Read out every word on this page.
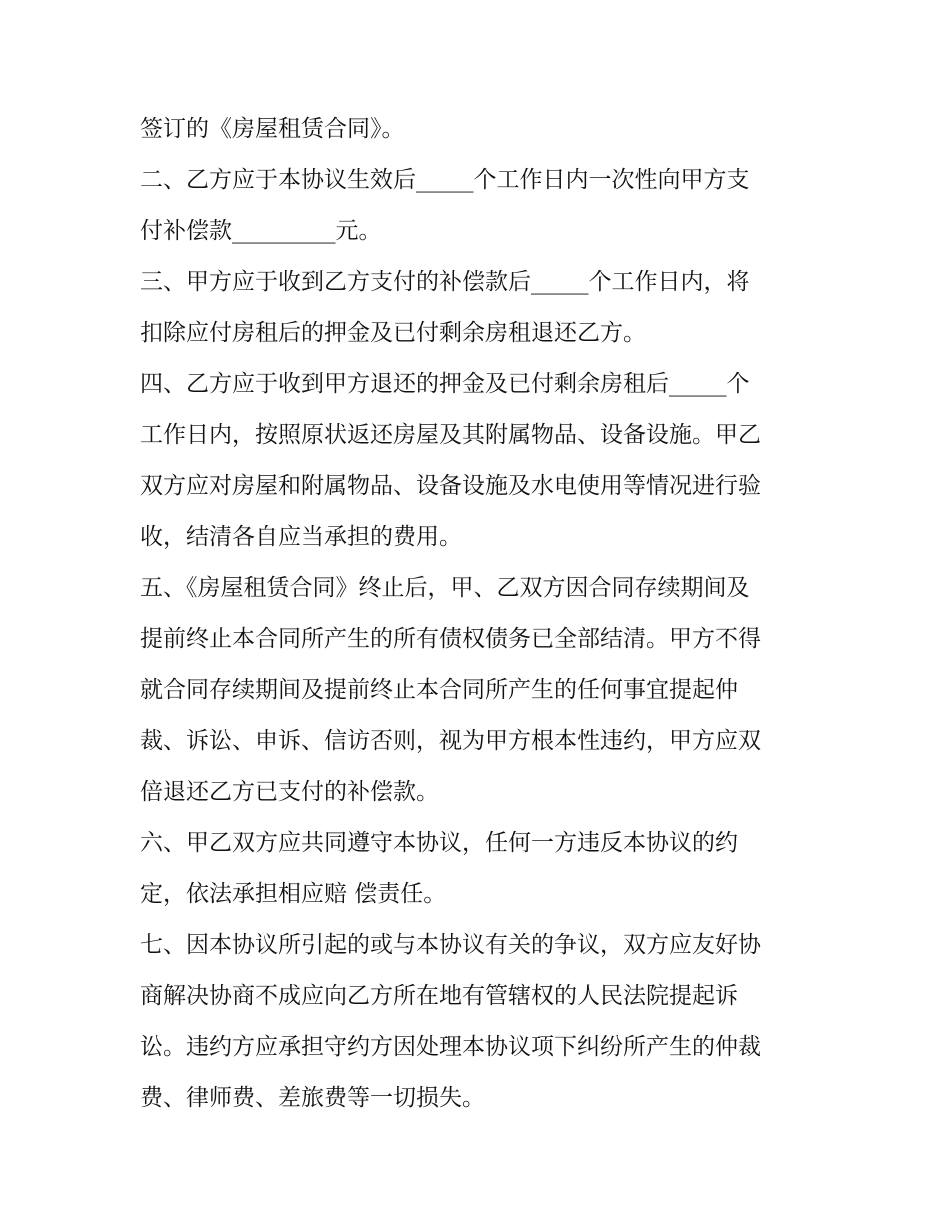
签订的《房屋租赁合同》。
二、乙方应于本协议生效后_____个工作日内一次性向甲方支
付补偿款_________元。
三、甲方应于收到乙方支付的补偿款后_____个工作日内，将
扣除应付房租后的押金及已付剩余房租退还乙方。
四、乙方应于收到甲方退还的押金及已付剩余房租后_____个
工作日内，按照原状返还房屋及其附属物品、设备设施。甲乙
双方应对房屋和附属物品、设备设施及水电使用等情况进行验
收，结清各自应当承担的费用。
五、《房屋租赁合同》终止后，甲、乙双方因合同存续期间及
提前终止本合同所产生的所有债权债务已全部结清。甲方不得
就合同存续期间及提前终止本合同所产生的任何事宜提起仲
裁、诉讼、申诉、信访否则，视为甲方根本性违约，甲方应双
倍退还乙方已支付的补偿款。
六、甲乙双方应共同遵守本协议，任何一方违反本协议的约
定，依法承担相应赔 偿责任。
七、因本协议所引起的或与本协议有关的争议，双方应友好协
商解决协商不成应向乙方所在地有管辖权的人民法院提起诉
讼。违约方应承担守约方因处理本协议项下纠纷所产生的仲裁
费、律师费、差旅费等一切损失。
